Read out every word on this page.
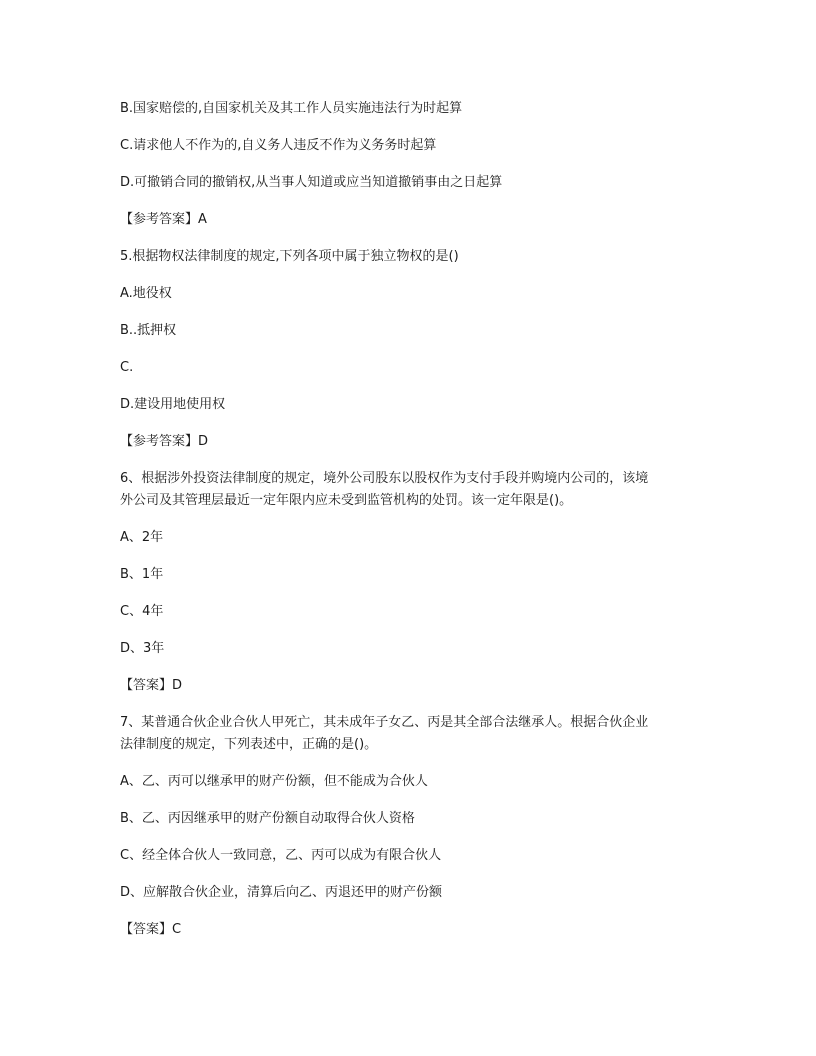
B.国家赔偿的,自国家机关及其工作人员实施违法行为时起算

C.请求他人不作为的,自义务人违反不作为义务务时起算

D.可撤销合同的撤销权,从当事人知道或应当知道撤销事由之日起算

【参考答案】A

5.根据物权法律制度的规定,下列各项中属于独立物权的是()

A.地役权

B..抵押权

C.

D.建设用地使用权

【参考答案】D

6、根据涉外投资法律制度的规定，境外公司股东以股权作为支付手段并购境内公司的，该境

外公司及其管理层最近一定年限内应未受到监管机构的处罚。该一定年限是()。

A、2年

B、1年

C、4年

D、3年

【答案】D

7、某普通合伙企业合伙人甲死亡，其未成年子女乙、丙是其全部合法继承人。根据合伙企业

法律制度的规定，下列表述中，正确的是()。

A、乙、丙可以继承甲的财产份额，但不能成为合伙人

B、乙、丙因继承甲的财产份额自动取得合伙人资格

C、经全体合伙人一致同意，乙、丙可以成为有限合伙人

D、应解散合伙企业，清算后向乙、丙退还甲的财产份额

【答案】C
